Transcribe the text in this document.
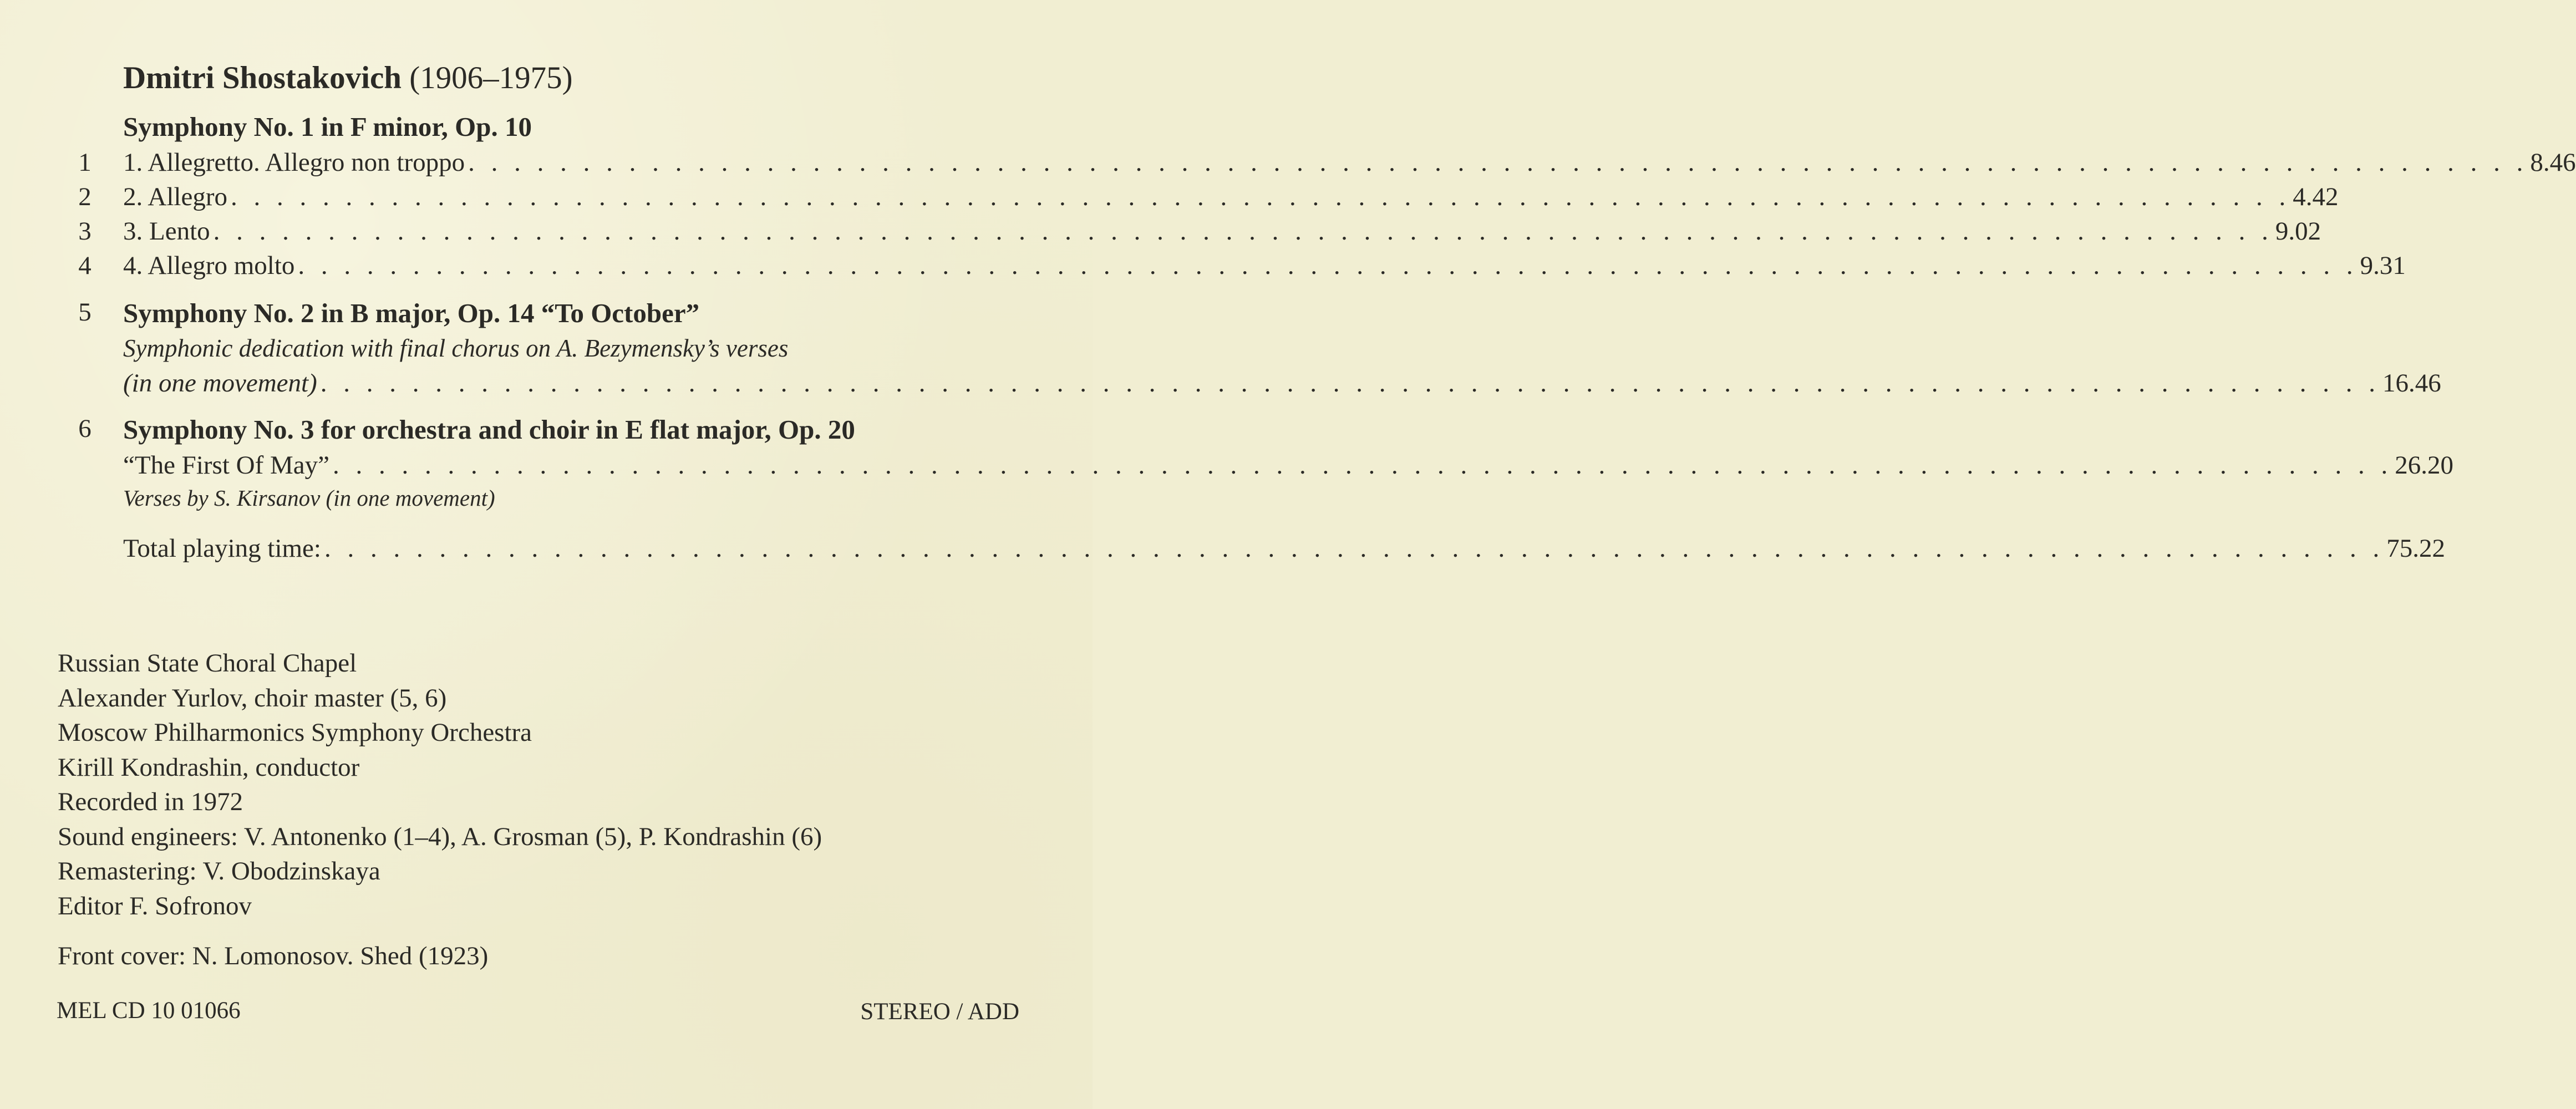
Dmitri Shostakovich (1906–1975)
Symphony No. 1 in F minor, Op. 10
1 1. Allegretto. Allegro non troppo . . . . . . . . . . . . . . . . . . . . . . . . . . . . . . . . . . . . . . . . . . . . . . . . . . . . . . . . . . . . . . . . . . . . . . . . . . . . . . . . . . . . . . . . . . 8.46
2 2. Allegro . . . . . . . . . . . . . . . . . . . . . . . . . . . . . . . . . . . . . . . . . . . . . . . . . . . . . . . . . . . . . . . . . . . . . . . . . . . . . . . . . . . . . . . . . . 4.42
3 3. Lento . . . . . . . . . . . . . . . . . . . . . . . . . . . . . . . . . . . . . . . . . . . . . . . . . . . . . . . . . . . . . . . . . . . . . . . . . . . . . . . . . . . . . . . . . . 9.02
4 4. Allegro molto . . . . . . . . . . . . . . . . . . . . . . . . . . . . . . . . . . . . . . . . . . . . . . . . . . . . . . . . . . . . . . . . . . . . . . . . . . . . . . . . . . . . . . . . . . 9.31
5 Symphony No. 2 in B major, Op. 14 “To October”
Symphonic dedication with final chorus on A. Bezymensky’s verses
(in one movement) . . . . . . . . . . . . . . . . . . . . . . . . . . . . . . . . . . . . . . . . . . . . . . . . . . . . . . . . . . . . . . . . . . . . . . . . . . . . . . . . . . . . . . . . . . 16.46
6 Symphony No. 3 for orchestra and choir in E flat major, Op. 20
“The First Of May” . . . . . . . . . . . . . . . . . . . . . . . . . . . . . . . . . . . . . . . . . . . . . . . . . . . . . . . . . . . . . . . . . . . . . . . . . . . . . . . . . . . . . . . . . . 26.20
Verses by S. Kirsanov (in one movement)
Total playing time: . . . . . . . . . . . . . . . . . . . . . . . . . . . . . . . . . . . . . . . . . . . . . . . . . . . . . . . . . . . . . . . . . . . . . . . . . . . . . . . . . . . . . . . . . . 75.22
Russian State Choral Chapel
Alexander Yurlov, choir master (5, 6)
Moscow Philharmonics Symphony Orchestra
Kirill Kondrashin, conductor
Recorded in 1972
Sound engineers: V. Antonenko (1–4), A. Grosman (5), P. Kondrashin (6)
Remastering: V. Obodzinskaya
Editor F. Sofronov
Front cover: N. Lomonosov. Shed (1923)
MEL CD 10 01066	STEREO / ADD
